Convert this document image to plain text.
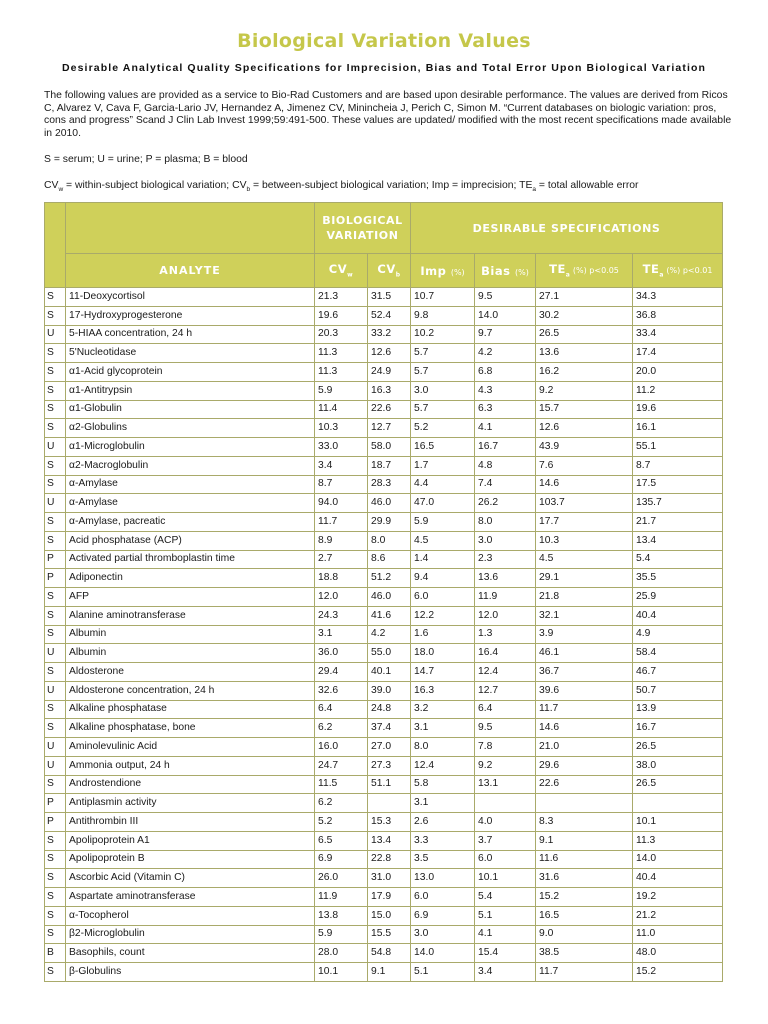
Biological Variation Values
Desirable Analytical Quality Specifications for Imprecision, Bias and Total Error Upon Biological Variation
The following values are provided as a service to Bio-Rad Customers and are based upon desirable performance. The values are derived from Ricos C, Alvarez V, Cava F, Garcia-Lario JV, Hernandez A, Jimenez CV, Minincheia J, Perich C, Simon M. “Current databases on biologic variation: pros, cons and progress” Scand J Clin Lab Invest 1999;59:491-500. These values are updated/ modified with the most recent specifications made available in 2010.
S = serum; U = urine; P = plasma; B = blood
$CV_w$ = within-subject biological variation; $CV_b$ = between-subject biological variation; Imp = imprecision; $TE_a$ = total allowable error
		BIOLOGICAL VARIATION		DESIRABLE SPECIFICATIONS			
	ANALYTE	$CV_w$	$CV_b$	Imp (%)	Bias (%)	$TE_a$ (%) p<0.05	$TE_a$ (%) p<0.01
S	11-Deoxycortisol	21.3	31.5	10.7	9.5	27.1	34.3
S	17-Hydroxyprogesterone	19.6	52.4	9.8	14.0	30.2	36.8
U	5-HIAA concentration, 24 h	20.3	33.2	10.2	9.7	26.5	33.4
S	5'Nucleotidase	11.3	12.6	5.7	4.2	13.6	17.4
S	α1-Acid glycoprotein	11.3	24.9	5.7	6.8	16.2	20.0
S	α1-Antitrypsin	5.9	16.3	3.0	4.3	9.2	11.2
S	α1-Globulin	11.4	22.6	5.7	6.3	15.7	19.6
S	α2-Globulins	10.3	12.7	5.2	4.1	12.6	16.1
U	α1-Microglobulin	33.0	58.0	16.5	16.7	43.9	55.1
S	α2-Macroglobulin	3.4	18.7	1.7	4.8	7.6	8.7
S	α-Amylase	8.7	28.3	4.4	7.4	14.6	17.5
U	α-Amylase	94.0	46.0	47.0	26.2	103.7	135.7
S	α-Amylase, pacreatic	11.7	29.9	5.9	8.0	17.7	21.7
S	Acid phosphatase (ACP)	8.9	8.0	4.5	3.0	10.3	13.4
P	Activated partial thromboplastin time	2.7	8.6	1.4	2.3	4.5	5.4
P	Adiponectin	18.8	51.2	9.4	13.6	29.1	35.5
S	AFP	12.0	46.0	6.0	11.9	21.8	25.9
S	Alanine aminotransferase	24.3	41.6	12.2	12.0	32.1	40.4
S	Albumin	3.1	4.2	1.6	1.3	3.9	4.9
U	Albumin	36.0	55.0	18.0	16.4	46.1	58.4
S	Aldosterone	29.4	40.1	14.7	12.4	36.7	46.7
U	Aldosterone concentration, 24 h	32.6	39.0	16.3	12.7	39.6	50.7
S	Alkaline phosphatase	6.4	24.8	3.2	6.4	11.7	13.9
S	Alkaline phosphatase, bone	6.2	37.4	3.1	9.5	14.6	16.7
U	Aminolevulinic Acid	16.0	27.0	8.0	7.8	21.0	26.5
U	Ammonia output, 24 h	24.7	27.3	12.4	9.2	29.6	38.0
S	Androstendione	11.5	51.1	5.8	13.1	22.6	26.5
P	Antiplasmin activity	6.2		3.1			
P	Antithrombin III	5.2	15.3	2.6	4.0	8.3	10.1
S	Apolipoprotein A1	6.5	13.4	3.3	3.7	9.1	11.3
S	Apolipoprotein B	6.9	22.8	3.5	6.0	11.6	14.0
S	Ascorbic Acid (Vitamin C)	26.0	31.0	13.0	10.1	31.6	40.4
S	Aspartate aminotransferase	11.9	17.9	6.0	5.4	15.2	19.2
S	α-Tocopherol	13.8	15.0	6.9	5.1	16.5	21.2
S	β2-Microglobulin	5.9	15.5	3.0	4.1	9.0	11.0
B	Basophils, count	28.0	54.8	14.0	15.4	38.5	48.0
S	β-Globulins	10.1	9.1	5.1	3.4	11.7	15.2
